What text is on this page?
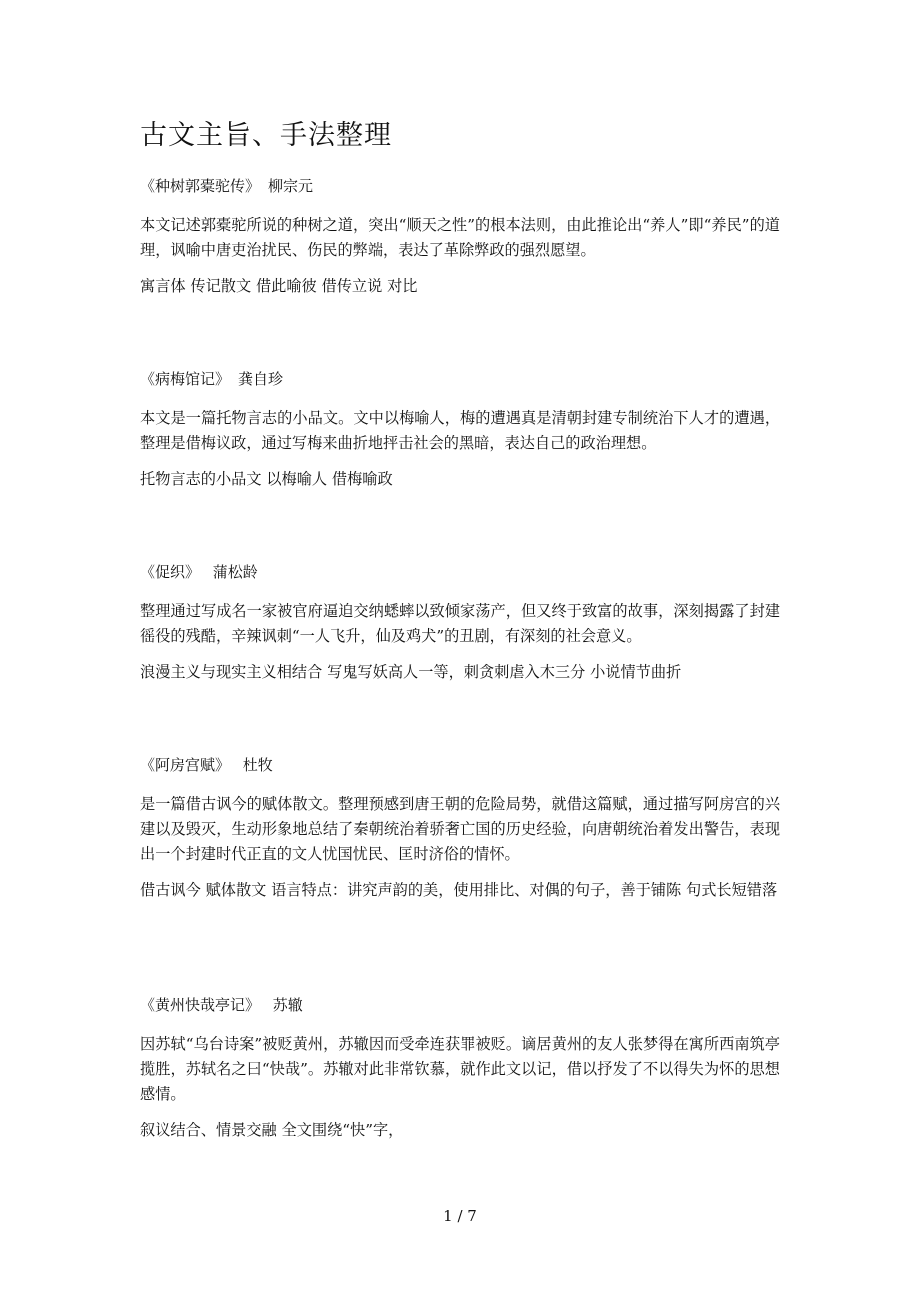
古文主旨、手法整理

《种树郭橐驼传》 柳宗元

本文记述郭橐驼所说的种树之道，突出“顺天之性”的根本法则，由此推论出“养人”即“养民”的道理，讽喻中唐吏治扰民、伤民的弊端，表达了革除弊政的强烈愿望。

寓言体 传记散文 借此喻彼 借传立说 对比

《病梅馆记》 龚自珍

本文是一篇托物言志的小品文。文中以梅喻人，梅的遭遇真是清朝封建专制统治下人才的遭遇，整理是借梅议政，通过写梅来曲折地抨击社会的黑暗，表达自己的政治理想。

托物言志的小品文 以梅喻人 借梅喻政

《促织》 蒲松龄

整理通过写成名一家被官府逼迫交纳蟋蟀以致倾家荡产，但又终于致富的故事，深刻揭露了封建徭役的残酷，辛辣讽刺“一人飞升，仙及鸡犬”的丑剧，有深刻的社会意义。

浪漫主义与现实主义相结合 写鬼写妖高人一等，刺贪刺虐入木三分 小说情节曲折

《阿房宫赋》 杜牧

是一篇借古讽今的赋体散文。整理预感到唐王朝的危险局势，就借这篇赋，通过描写阿房宫的兴建以及毁灭，生动形象地总结了秦朝统治着骄奢亡国的历史经验，向唐朝统治着发出警告，表现出一个封建时代正直的文人忧国忧民、匡时济俗的情怀。

借古讽今 赋体散文 语言特点：讲究声韵的美，使用排比、对偶的句子，善于铺陈 句式长短错落

《黄州快哉亭记》 苏辙

因苏轼“乌台诗案”被贬黄州，苏辙因而受牵连获罪被贬。谪居黄州的友人张梦得在寓所西南筑亭揽胜，苏轼名之曰“快哉”。苏辙对此非常钦慕，就作此文以记，借以抒发了不以得失为怀的思想感情。

叙议结合、情景交融 全文围绕“快”字，

1 / 7
